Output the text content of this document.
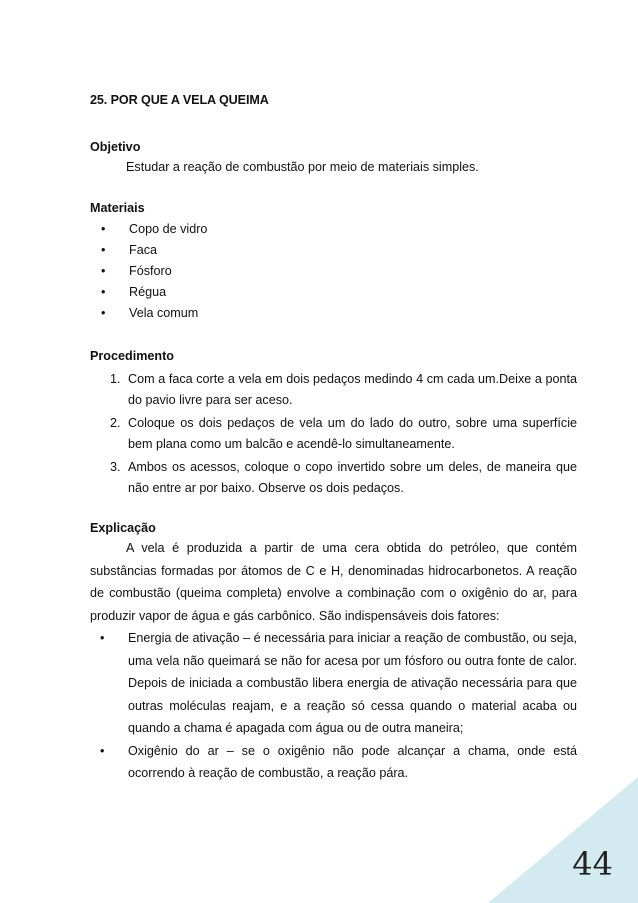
25. POR QUE A VELA QUEIMA

Objetivo

Estudar a reação de combustão por meio de materiais simples.

Materiais

• Copo de vidro
• Faca
• Fósforo
• Régua
• Vela comum

Procedimento

1. Com a faca corte a vela em dois pedaços medindo 4 cm cada um.Deixe a ponta do pavio livre para ser aceso.
2. Coloque os dois pedaços de vela um do lado do outro, sobre uma superfície bem plana como um balcão e acendê-lo simultaneamente.
3. Ambos os acessos, coloque o copo invertido sobre um deles, de maneira que não entre ar por baixo. Observe os dois pedaços.

Explicação

A vela é produzida a partir de uma cera obtida do petróleo, que contém substâncias formadas por átomos de C e H, denominadas hidrocarbonetos. A reação de combustão (queima completa) envolve a combinação com o oxigênio do ar, para produzir vapor de água e gás carbônico. São indispensáveis dois fatores:

• Energia de ativação – é necessária para iniciar a reação de combustão, ou seja, uma vela não queimará se não for acesa por um fósforo ou outra fonte de calor. Depois de iniciada a combustão libera energia de ativação necessária para que outras moléculas reajam, e a reação só cessa quando o material acaba ou quando a chama é apagada com água ou de outra maneira;
• Oxigênio do ar – se o oxigênio não pode alcançar a chama, onde está ocorrendo à reação de combustão, a reação pára.
44
